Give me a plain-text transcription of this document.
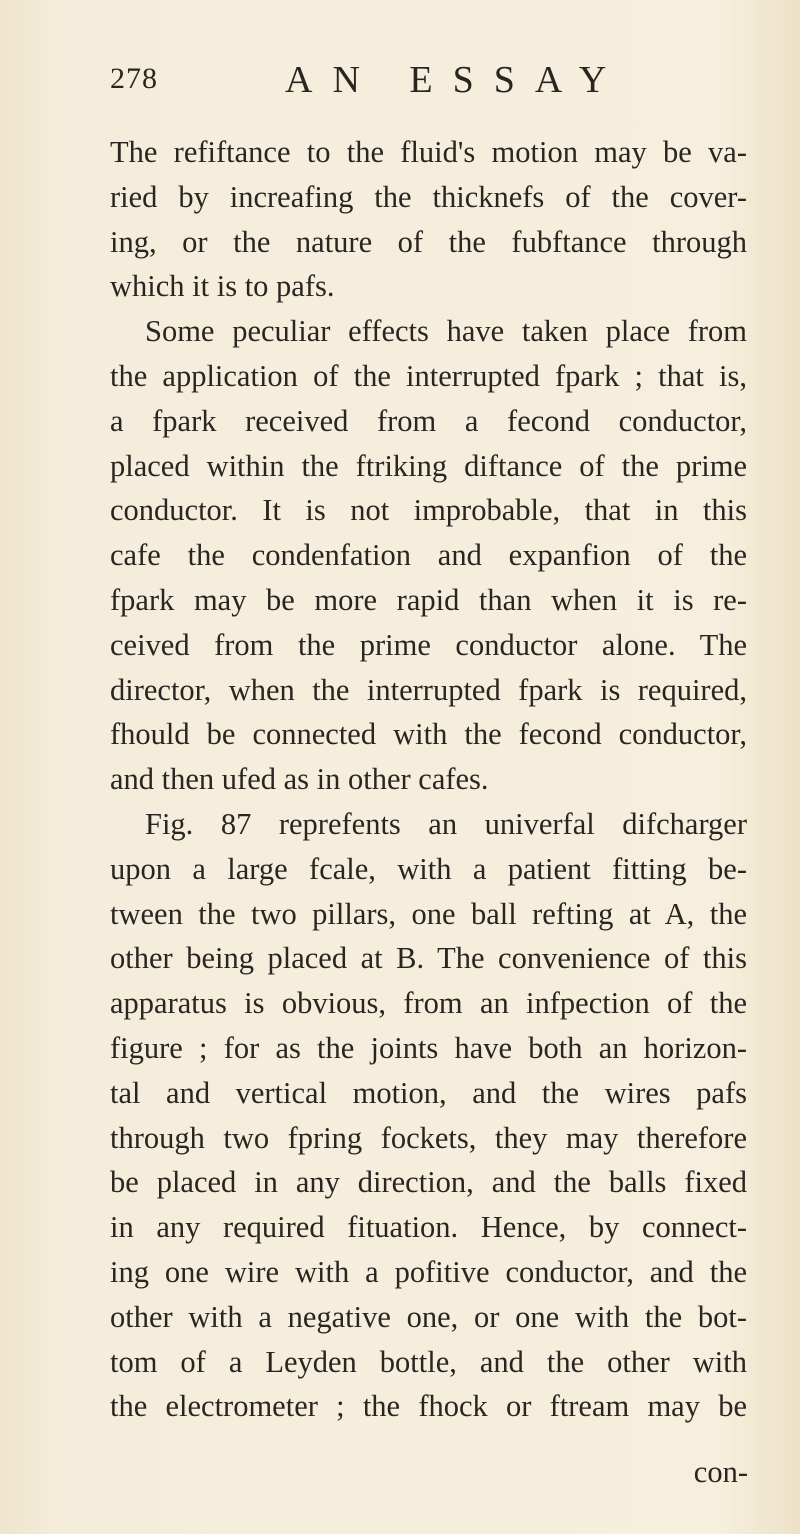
278	AN ESSAY
The refiftance to the fluid's motion may be va-
ried by increafing the thicknefs of the cover-
ing, or the nature of the fubftance through
which it is to pafs.
Some peculiar effects have taken place from
the application of the interrupted fpark ; that is,
a fpark received from a fecond conductor,
placed within the ftriking diftance of the prime
conductor. It is not improbable, that in this
cafe the condenfation and expanfion of the
fpark may be more rapid than when it is re-
ceived from the prime conductor alone. The
director, when the interrupted fpark is required,
fhould be connected with the fecond conductor,
and then ufed as in other cafes.
Fig. 87 reprefents an univerfal difcharger
upon a large fcale, with a patient fitting be-
tween the two pillars, one ball refting at A, the
other being placed at B. The convenience of this
apparatus is obvious, from an infpection of the
figure ; for as the joints have both an horizon-
tal and vertical motion, and the wires pafs
through two fpring fockets, they may therefore
be placed in any direction, and the balls fixed
in any required fituation. Hence, by connect-
ing one wire with a pofitive conductor, and the
other with a negative one, or one with the bot-
tom of a Leyden bottle, and the other with
the electrometer ; the fhock or ftream may be
con-
